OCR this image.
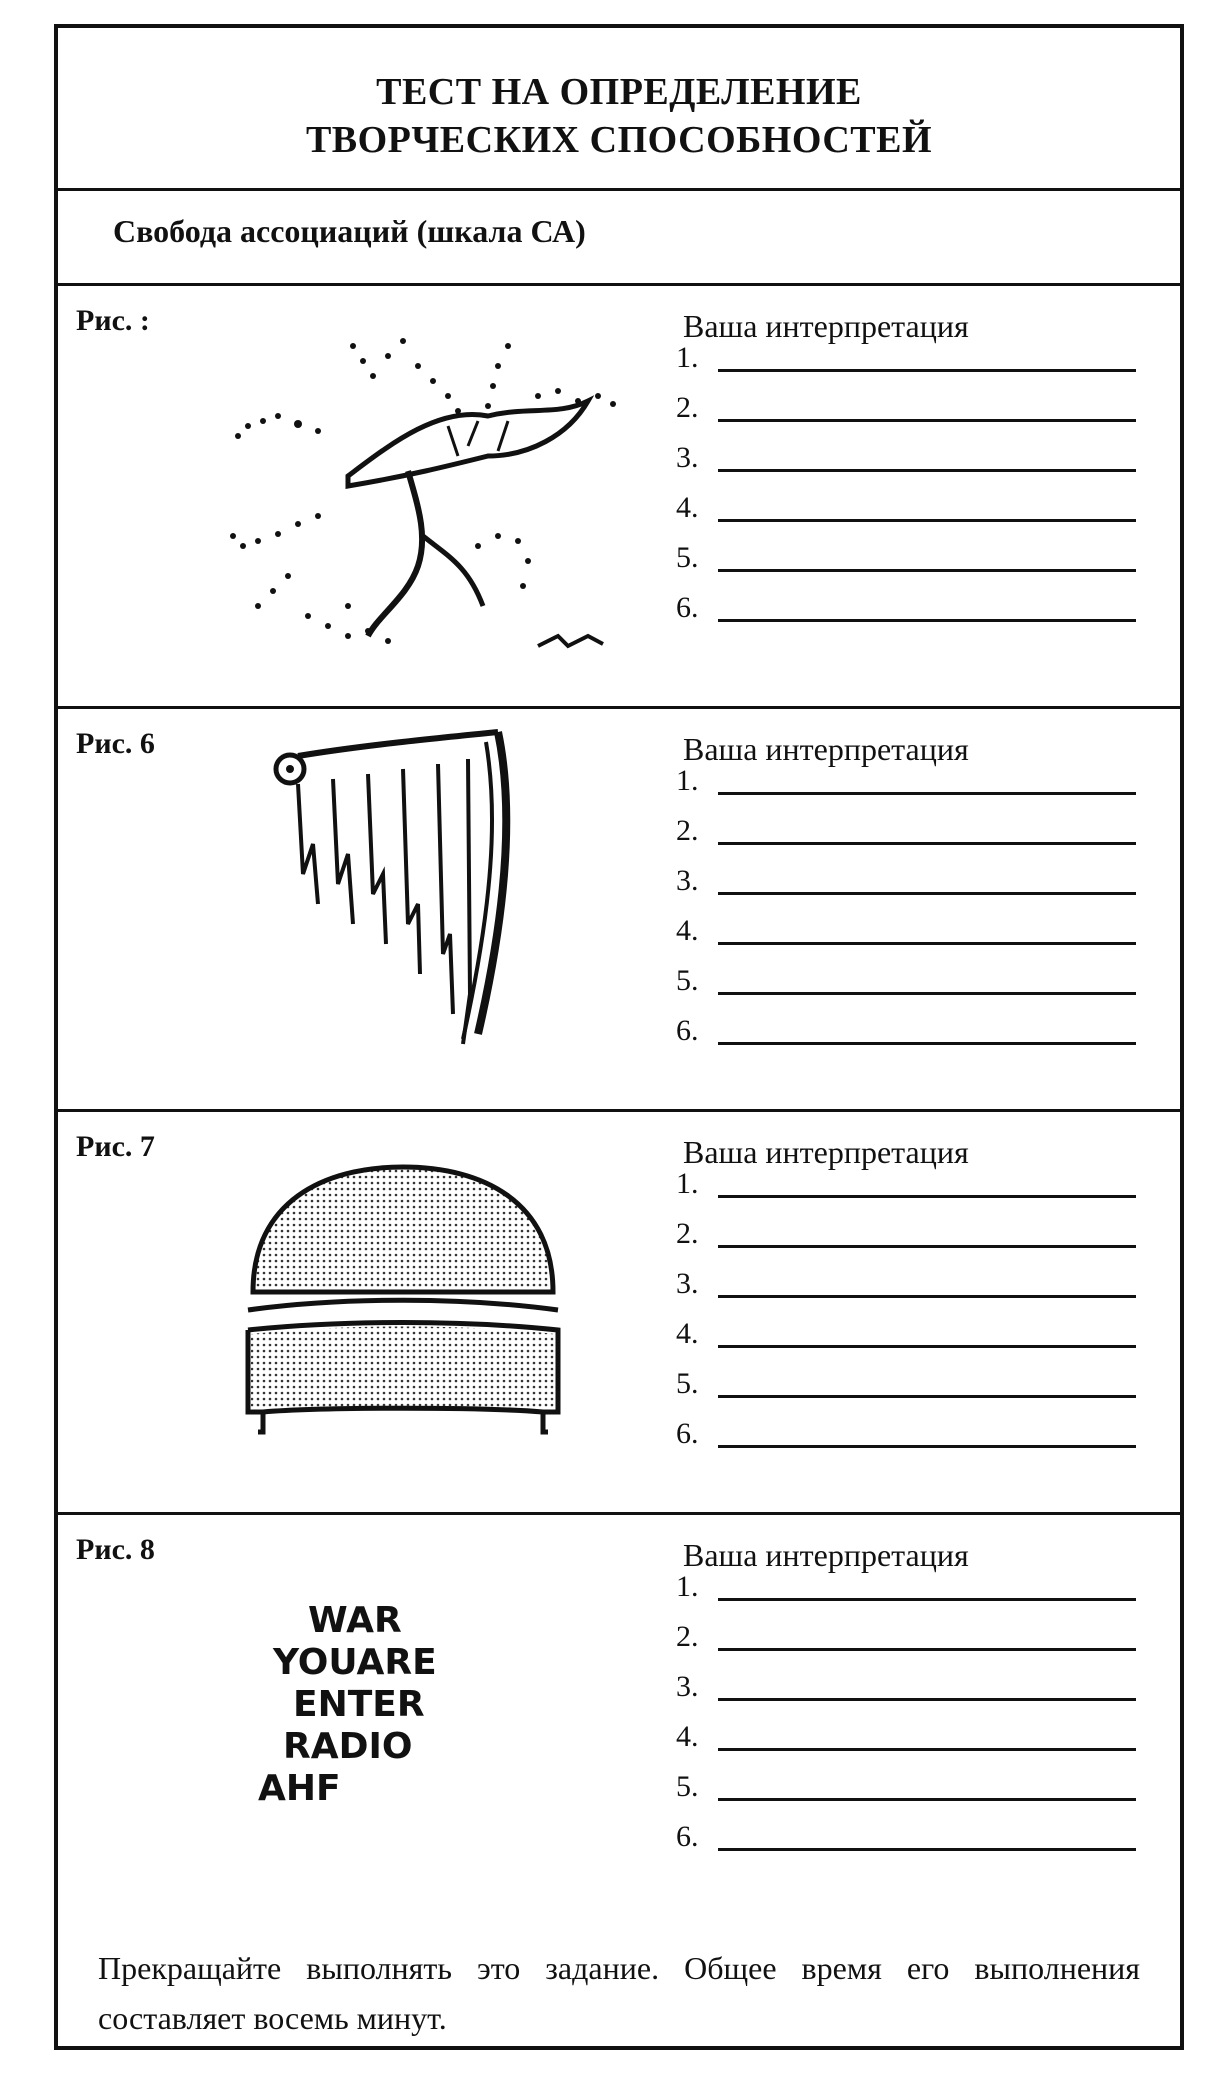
ТЕСТ НА ОПРЕДЕЛЕНИЕ
ТВОРЧЕСКИХ СПОСОБНОСТЕЙ
Свобода ассоциаций (шкала СА)
Рис. :	Ваша интерпретация
1.
2.
3.
4.
5.
6.
Рис. 6	Ваша интерпретация
1.
2.
3.
4.
5.
6.
Рис. 7	Ваша интерпретация
1.
2.
3.
4.
5.
6.
Рис. 8	Ваша интерпретация
WAR
YOUARE
ENTER
RADIO
AHF
1.
2.
3.
4.
5.
6.
Прекращайте выполнять это задание. Общее время его выполнения составляет восемь минут.
